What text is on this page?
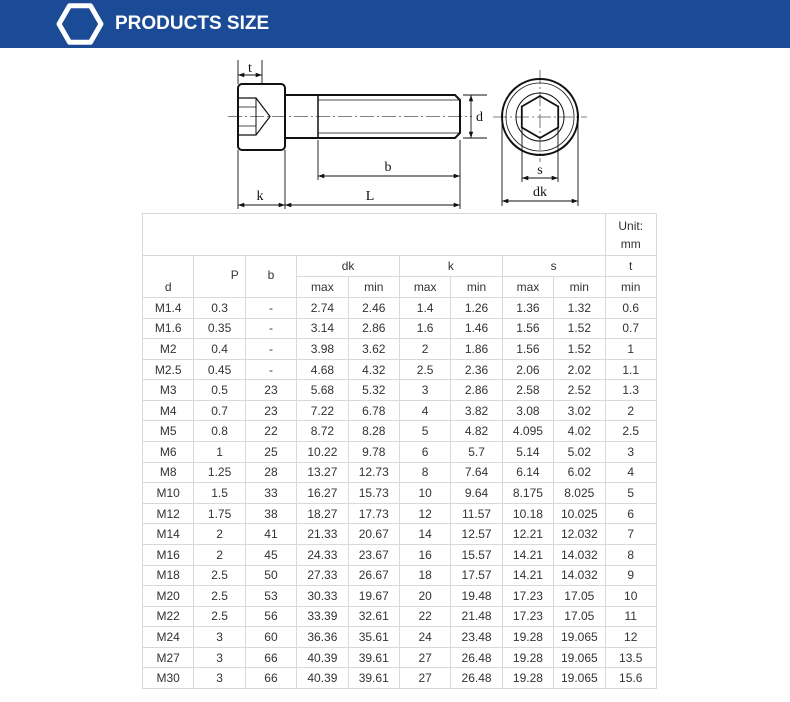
PRODUCTS SIZE
t
k	L
b
d
s
dk
Unit:
mm
d
P	b
dk	k	s	t
max	min	max	min	max	min	min
M1.4	0.3	-	2.74	2.46	1.4	1.26	1.36	1.32	0.6
M1.6	0.35	-	3.14	2.86	1.6	1.46	1.56	1.52	0.7
M2	0.4	-	3.98	3.62	2	1.86	1.56	1.52	1
M2.5	0.45	-	4.68	4.32	2.5	2.36	2.06	2.02	1.1
M3	0.5	23	5.68	5.32	3	2.86	2.58	2.52	1.3
M4	0.7	23	7.22	6.78	4	3.82	3.08	3.02	2
M5	0.8	22	8.72	8.28	5	4.82	4.095	4.02	2.5
M6	1	25	10.22	9.78	6	5.7	5.14	5.02	3
M8	1.25	28	13.27	12.73	8	7.64	6.14	6.02	4
M10	1.5	33	16.27	15.73	10	9.64	8.175	8.025	5
M12	1.75	38	18.27	17.73	12	11.57	10.18	10.025	6
M14	2	41	21.33	20.67	14	12.57	12.21	12.032	7
M16	2	45	24.33	23.67	16	15.57	14.21	14.032	8
M18	2.5	50	27.33	26.67	18	17.57	14.21	14.032	9
M20	2.5	53	30.33	19.67	20	19.48	17.23	17.05	10
M22	2.5	56	33.39	32.61	22	21.48	17.23	17.05	11
M24	3	60	36.36	35.61	24	23.48	19.28	19.065	12
M27	3	66	40.39	39.61	27	26.48	19.28	19.065	13.5
M30	3	66	40.39	39.61	27	26.48	19.28	19.065	15.6
